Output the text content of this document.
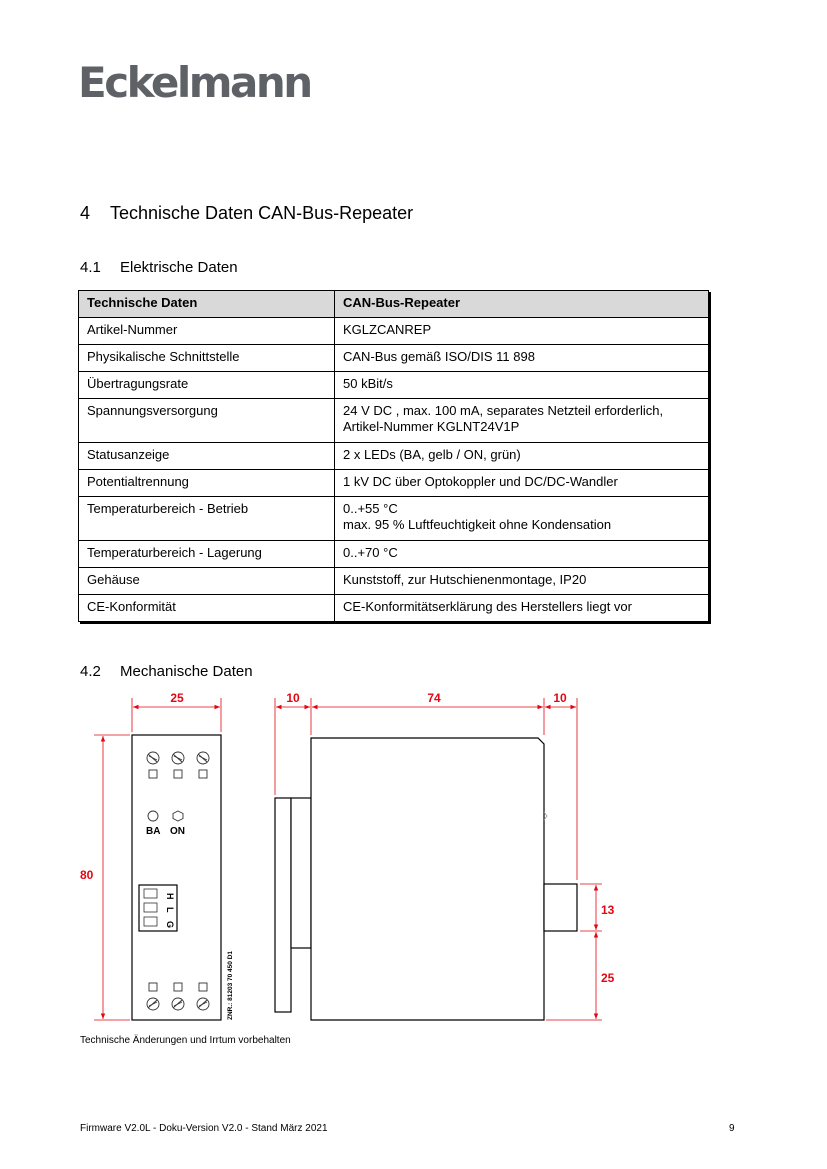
Eckelmann
4 Technische Daten CAN-Bus-Repeater
4.1 Elektrische Daten
Technische Daten	CAN-Bus-Repeater
Artikel-Nummer	KGLZCANREP
Physikalische Schnittstelle	CAN-Bus gemäß ISO/DIS 11 898
Übertragungsrate	50 kBit/s
Spannungsversorgung	24 V DC , max. 100 mA, separates Netzteil erforderlich,
Artikel-Nummer KGLNT24V1P
Statusanzeige	2 x LEDs (BA, gelb / ON, grün)
Potentialtrennung	1 kV DC über Optokoppler und DC/DC-Wandler
Temperaturbereich - Betrieb	0..+55 °C
max. 95 % Luftfeuchtigkeit ohne Kondensation
Temperaturbereich - Lagerung	0..+70 °C
Gehäuse	Kunststoff, zur Hutschienenmontage, IP20
CE-Konformität	CE-Konformitätserklärung des Herstellers liegt vor
4.2 Mechanische Daten
BA ON
H
L
G
ZNR.: 81203 70 450 D1
25	10	74	10
80
13
25
Technische Änderungen und Irrtum vorbehalten
Firmware V2.0L - Doku-Version V2.0 - Stand März 2021	9
